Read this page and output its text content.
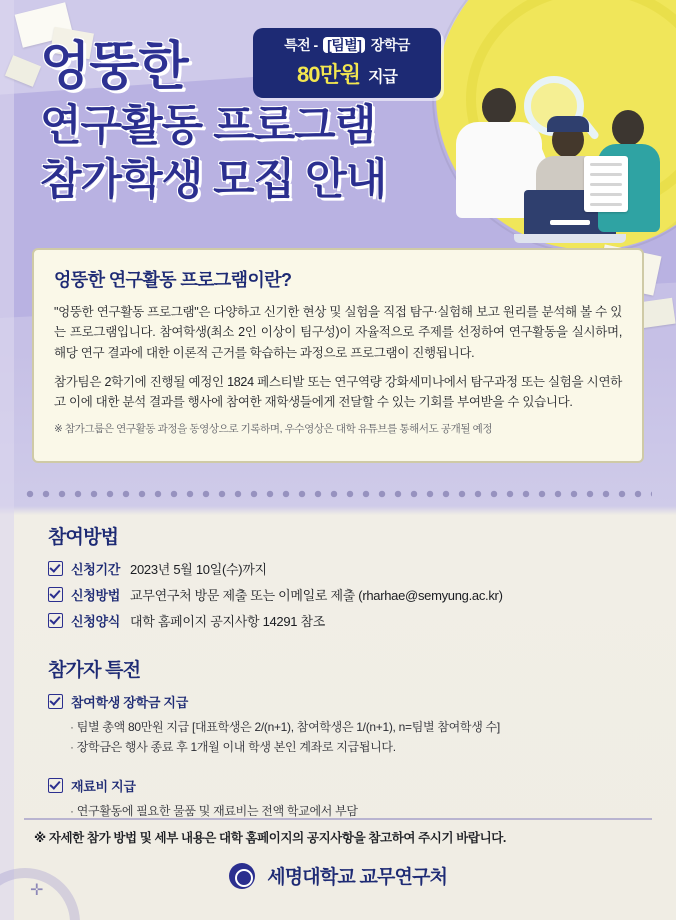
엉뚱한
연구활동 프로그램
참가학생 모집 안내
특전 - [팀별] 장학금
80만원 지급
엉뚱한 연구활동 프로그램이란?

"엉뚱한 연구활동 프로그램"은 다양하고 신기한 현상 및 실험을 직접 탐구·실험해 보고 원리를 분석해 볼 수 있는 프로그램입니다. 참여학생(최소 2인 이상이 팀구성)이 자율적으로 주제를 선정하여 연구활동을 실시하며, 해당 연구 결과에 대한 이론적 근거를 학습하는 과정으로 프로그램이 진행됩니다.

참가팀은 2학기에 진행될 예정인 1824 페스티발 또는 연구역량 강화세미나에서 탐구과정 또는 실험을 시연하고 이에 대한 분석 결과를 행사에 참여한 재학생들에게 전달할 수 있는 기회를 부여받을 수 있습니다.

※ 참가그룹은 연구활동 과정을 동영상으로 기록하며, 우수영상은 대학 유튜브를 통해서도 공개될 예정

참여방법
신청기간 2023년 5월 10일(수)까지
신청방법 교무연구처 방문 제출 또는 이메일로 제출 (rharhae@semyung.ac.kr)
신청양식 대학 홈페이지 공지사항 14291 참조
참가자 특전
참여학생 장학금 지급
· 팀별 총액 80만원 지급 [대표학생은 2/(n+1), 참여학생은 1/(n+1), n=팀별 참여학생 수]
· 장학금은 행사 종료 후 1개월 이내 학생 본인 계좌로 지급됩니다.
재료비 지급
· 연구활동에 필요한 물품 및 재료비는 전액 학교에서 부담
※ 자세한 참가 방법 및 세부 내용은 대학 홈페이지의 공지사항을 참고하여 주시기 바랍니다.
세명대학교 교무연구처
✛
